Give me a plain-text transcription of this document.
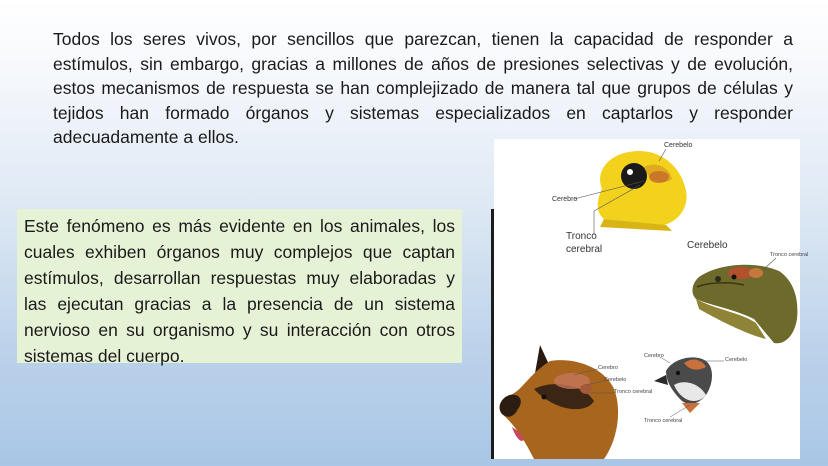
Todos los seres vivos, por sencillos que parezcan, tienen la capacidad de responder a estímulos, sin embargo, gracias a millones de años de presiones selectivas y de evolución, estos mecanismos de respuesta se han complejizado de manera tal que grupos de células y tejidos han formado órganos y sistemas especializados en captarlos y responder adecuadamente a ellos.
Este fenómeno es más evidente en los animales, los cuales exhiben órganos muy complejos que captan estímulos, desarrollan respuestas muy elaboradas y las ejecutan gracias a la presencia de un sistema nervioso en su organismo y su interacción con otros sistemas del cuerpo.
Cerebelo
Cerebro
Tronco
cerebral	Cerebelo
Tronco cerebral
Cerebro
Cerebelo
Tronco cerebral
Cerebro
Cerebelo
Tronco cerebral
